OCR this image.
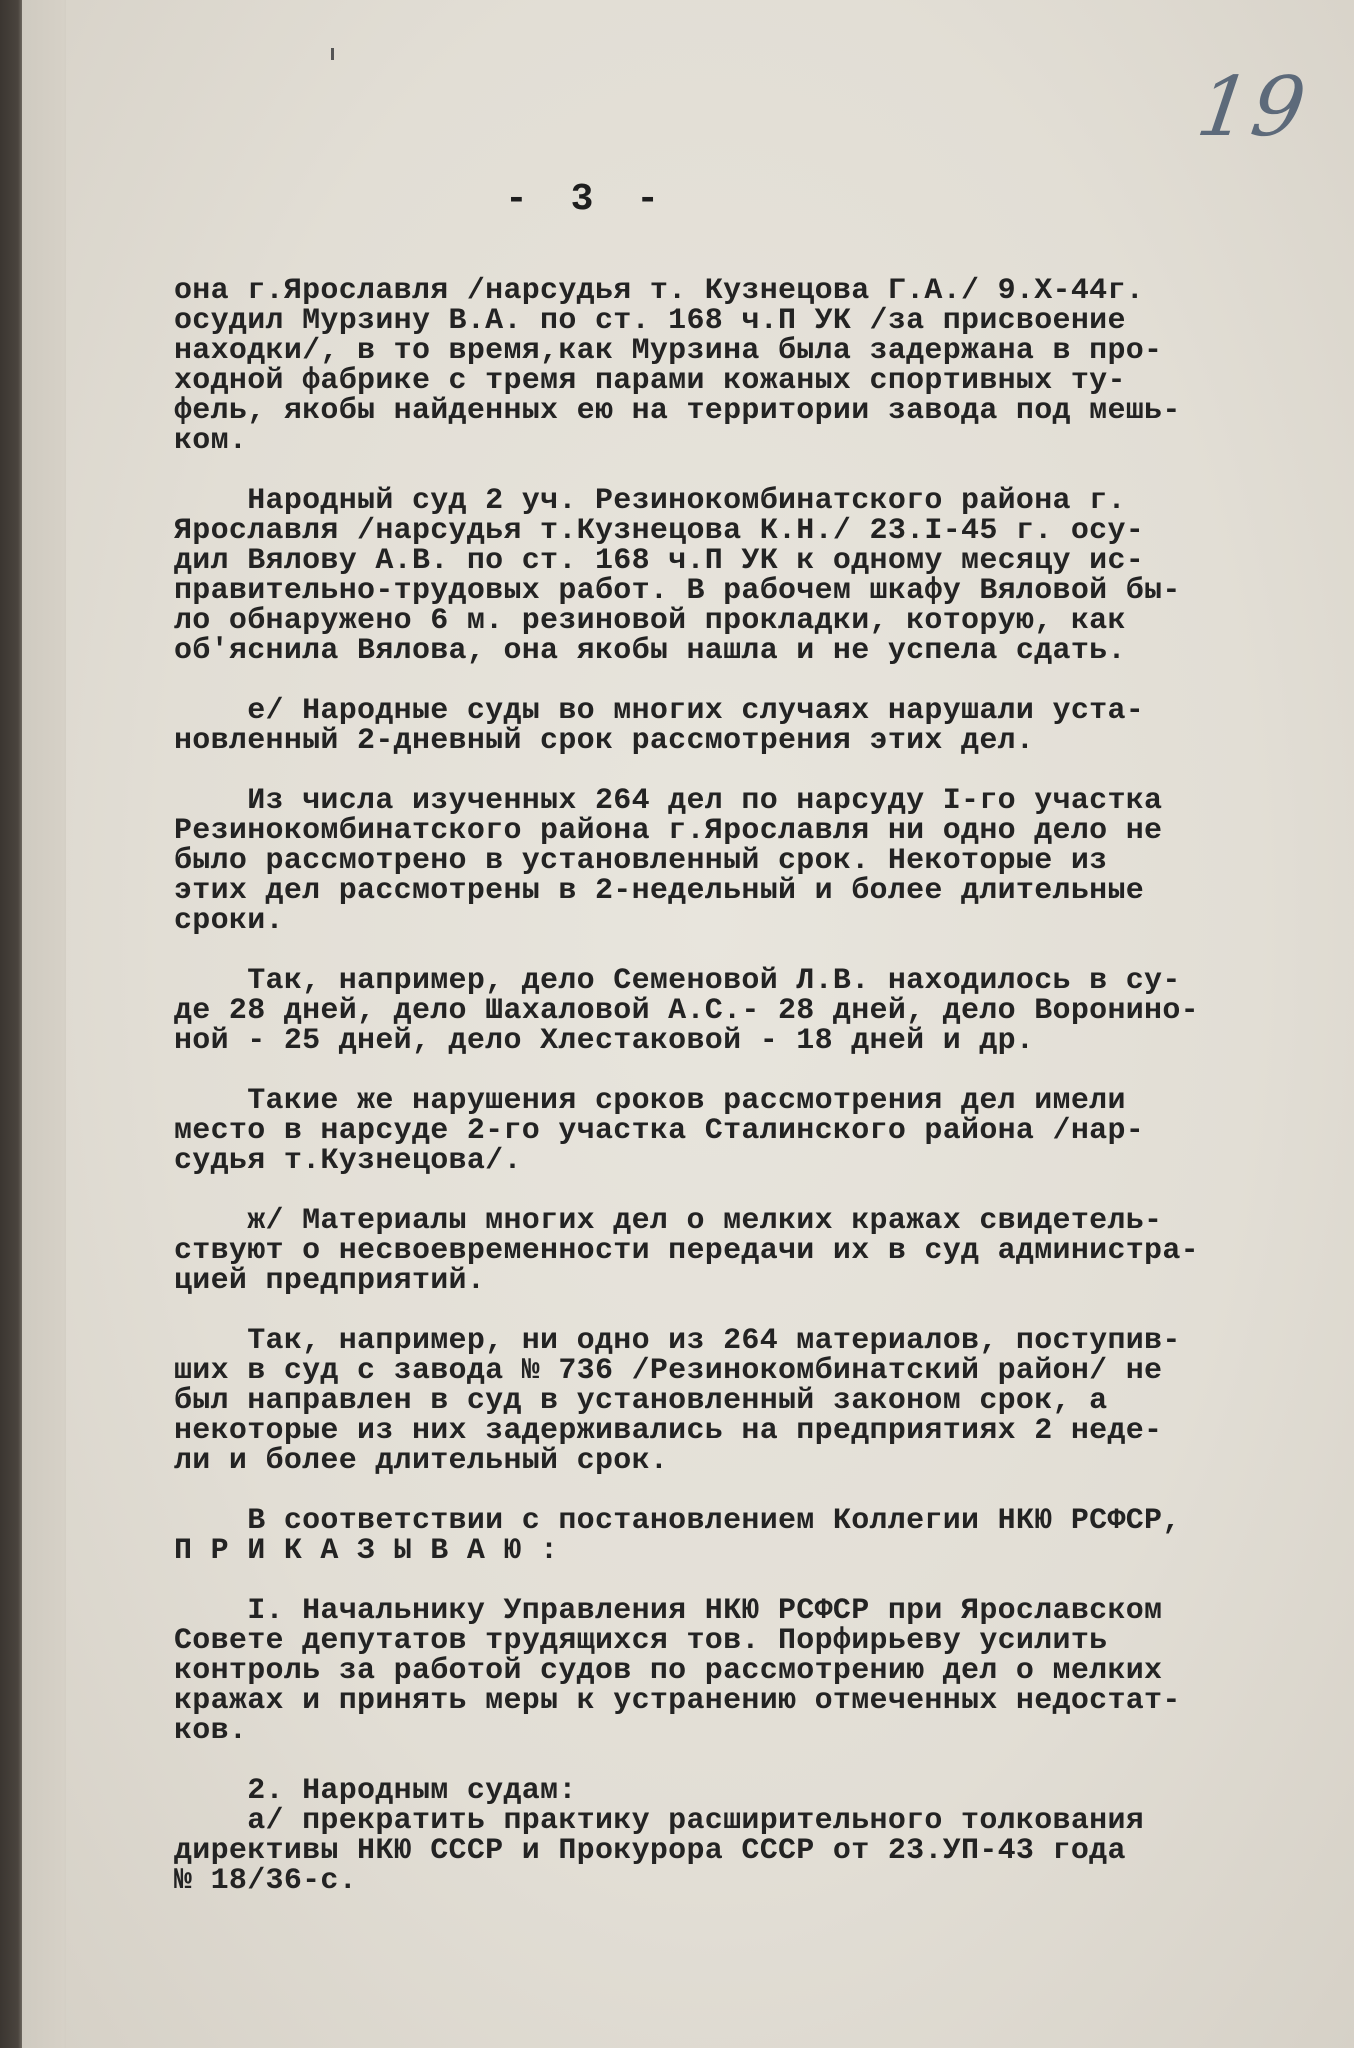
19
- 3 -
она г.Ярославля /нарсудья т. Кузнецова Г.А./ 9.Х-44г.
осудил Мурзину В.А. по ст. 168 ч.П УК /за присвоение
находки/, в то время,как Мурзина была задержана в про-
ходной фабрике с тремя парами кожаных спортивных ту-
фель, якобы найденных ею на территории завода под мешь-
ком.
Народный суд 2 уч. Резинокомбинатского района г.
Ярославля /нарсудья т.Кузнецова К.Н./ 23.I-45 г. осу-
дил Вялову А.В. по ст. 168 ч.П УК к одному месяцу ис-
правительно-трудовых работ. В рабочем шкафу Вяловой бы-
ло обнаружено 6 м. резиновой прокладки, которую, как
об'яснила Вялова, она якобы нашла и не успела сдать.
е/ Народные суды во многих случаях нарушали уста-
новленный 2-дневный срок рассмотрения этих дел.
Из числа изученных 264 дел по нарсуду I-го участка
Резинокомбинатского района г.Ярославля ни одно дело не
было рассмотрено в установленный срок. Некоторые из
этих дел рассмотрены в 2-недельный и более длительные
сроки.
Так, например, дело Семеновой Л.В. находилось в су-
де 28 дней, дело Шахаловой А.С.- 28 дней, дело Воронино-
ной - 25 дней, дело Хлестаковой - 18 дней и др.
Такие же нарушения сроков рассмотрения дел имели
место в нарсуде 2-го участка Сталинского района /нар-
судья т.Кузнецова/.
ж/ Материалы многих дел о мелких кражах свидетель-
ствуют о несвоевременности передачи их в суд администра-
цией предприятий.
Так, например, ни одно из 264 материалов, поступив-
ших в суд с завода № 736 /Резинокомбинатский район/ не
был направлен в суд в установленный законом срок, а
некоторые из них задерживались на предприятиях 2 неде-
ли и более длительный срок.
В соответствии с постановлением Коллегии НКЮ РСФСР,
П Р И К А З Ы В А Ю :
I. Начальнику Управления НКЮ РСФСР при Ярославском
Совете депутатов трудящихся тов. Порфирьеву усилить
контроль за работой судов по рассмотрению дел о мелких
кражах и принять меры к устранению отмеченных недостат-
ков.
2. Народным судам:
а/ прекратить практику расширительного толкования
директивы НКЮ СССР и Прокурора СССР от 23.УП-43 года
№ 18/36-с.
